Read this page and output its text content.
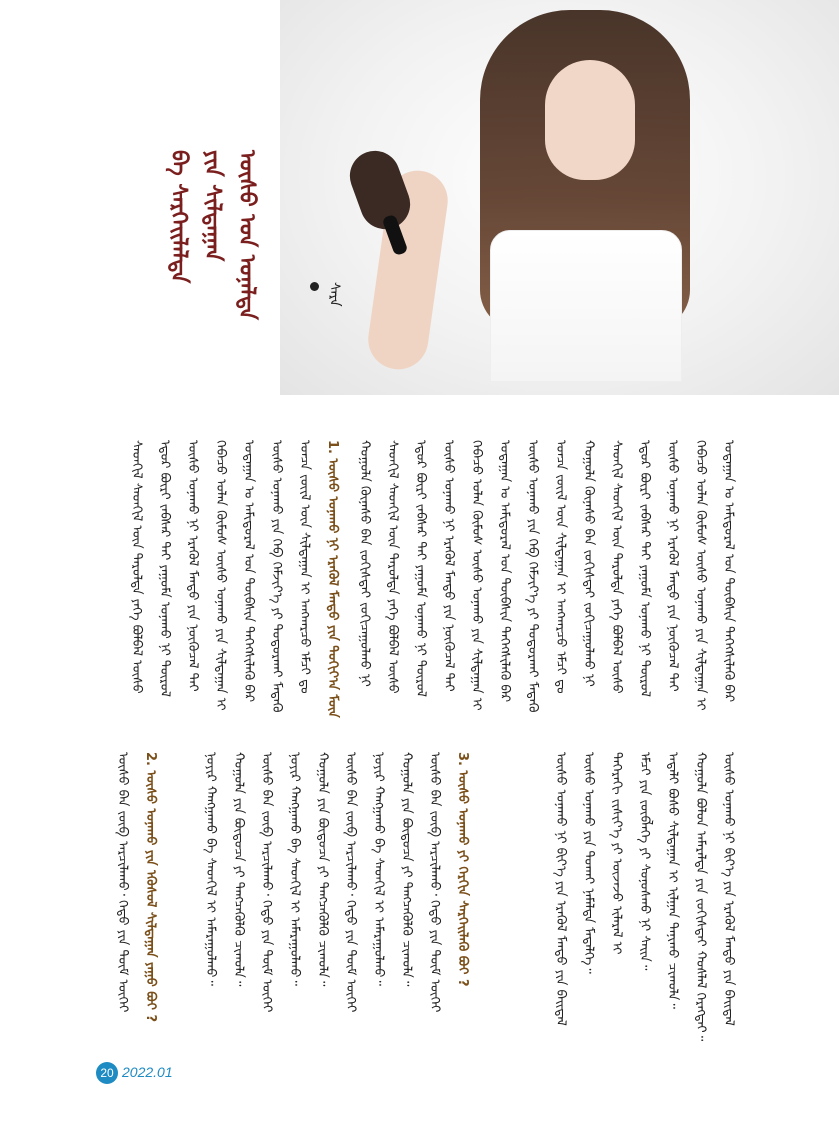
ᠦᠰᠦ ᠤᠨ ᠤᠨᠠᠯᠲᠠ
ᠶᠢᠨ ᠰᠢᠯᠲᠠᠭᠠᠨ
ᠪᠠ ᠰᠡᠷᠭᠡᠢᠯᠡᠯᠲᠡ
ᠰᠠᠷᠠ
ᠤᠳᠠᠭᠠᠨ ᠤ ᠠᠮᠢᠳᠤᠷᠠᠯ ᠤᠨ ᠲᠦᠪᠰᠢᠨ ᠳᠡᠭᠡᠭᠰᠢᠯᠡᠬᠦ ᠪᠡᠷ
ᠭᠡᠪᠡᠴᠦ ᠣᠯᠠᠨ ᠬᠦᠮᠦᠰ ᠦᠰᠦ ᠤᠨᠠᠬᠤ ᠶᠢᠨ ᠰᠢᠯᠲᠠᠭᠠᠨ ᠢ
ᠦᠰᠦ ᠤᠨᠠᠬᠤ ᠨᠢ ᠡᠷᠡᠭᠦᠯ ᠮᠡᠨᠳᠦ ᠶᠢᠨ ᠨᠥᠬᠦᠴᠡᠯ ᠲᠡᠢ
ᠡᠳᠦᠷ ᠪᠦᠷᠢ ᠵᠠᠪᠰᠠᠷ ᠲᠠᠢ ᠶᠠᠭᠤᠮᠠ ᠤᠨᠠᠬᠤ ᠨᠢ ᠲᠦᠷᠦᠯ
ᠰᠡᠳᠬᠢᠯ ᠰᠡᠳᠭᠢᠯ ᠦᠨ ᠳᠠᠷᠤᠯᠲᠠ ᠶᠡᠬᠡ ᠪᠣᠯᠪᠠᠯ ᠦᠰᠦ
ᠬᠣᠭᠣᠯᠠ ᠬᠦᠨᠡᠰᠦ ᠪᠡᠨ ᠵᠣᠬᠢᠰᠲᠠᠢ ᠵᠣᠬᠢᠴᠠᠭᠤᠯᠬᠤ ᠨᠢ
ᠣᠨᠴᠠ ᠵᠦᠢᠯ ᠦᠨ ᠰᠢᠯᠲᠠᠭᠠᠨ ᠢ ᠠᠩᠬᠠᠷᠴᠤ ᠡᠮᠴᠢ ᠳᠤ
ᠦᠰᠦ ᠤᠨᠠᠬᠤ ᠶᠢᠨ ᠬᠡᠪ ᠬᠡᠮᠵᠢᠶ᠎ᠡ ᠶᠢ ᠲᠣᠳᠣᠷᠬᠠᠶ ᠮᠡᠳᠡᠬᠦ
ᠤᠳᠠᠭᠠᠨ ᠤ ᠠᠮᠢᠳᠤᠷᠠᠯ ᠤᠨ ᠲᠦᠪᠰᠢᠨ ᠳᠡᠭᠡᠭᠰᠢᠯᠡᠬᠦ ᠪᠡᠷ
ᠭᠡᠪᠡᠴᠦ ᠣᠯᠠᠨ ᠬᠦᠮᠦᠰ ᠦᠰᠦ ᠤᠨᠠᠬᠤ ᠶᠢᠨ ᠰᠢᠯᠲᠠᠭᠠᠨ ᠢ
ᠦᠰᠦ ᠤᠨᠠᠬᠤ ᠨᠢ ᠡᠷᠡᠭᠦᠯ ᠮᠡᠨᠳᠦ ᠶᠢᠨ ᠨᠥᠬᠦᠴᠡᠯ ᠲᠡᠢ
ᠡᠳᠦᠷ ᠪᠦᠷᠢ ᠵᠠᠪᠰᠠᠷ ᠲᠠᠢ ᠶᠠᠭᠤᠮᠠ ᠤᠨᠠᠬᠤ ᠨᠢ ᠲᠦᠷᠦᠯ
ᠰᠡᠳᠬᠢᠯ ᠰᠡᠳᠭᠢᠯ ᠦᠨ ᠳᠠᠷᠤᠯᠲᠠ ᠶᠡᠬᠡ ᠪᠣᠯᠪᠠᠯ ᠦᠰᠦ
ᠬᠣᠭᠣᠯᠠ ᠬᠦᠨᠡᠰᠦ ᠪᠡᠨ ᠵᠣᠬᠢᠰᠲᠠᠢ ᠵᠣᠬᠢᠴᠠᠭᠤᠯᠬᠤ ᠨᠢ
1. ᠦᠰᠦ ᠤᠨᠠᠬᠤ ᠨᠢ ᠡᠷᠡᠭᠦᠯ ᠮᠡᠨᠳᠦ ᠶᠢᠨ ᠳᠣᠬᠢᠶ᠎ᠠ ᠮᠥᠨ
ᠣᠨᠴᠠ ᠵᠦᠢᠯ ᠦᠨ ᠰᠢᠯᠲᠠᠭᠠᠨ ᠢ ᠠᠩᠬᠠᠷᠴᠤ ᠡᠮᠴᠢ ᠳᠤ
ᠦᠰᠦ ᠤᠨᠠᠬᠤ ᠶᠢᠨ ᠬᠡᠪ ᠬᠡᠮᠵᠢᠶ᠎ᠡ ᠶᠢ ᠲᠣᠳᠣᠷᠬᠠᠶ ᠮᠡᠳᠡᠬᠦ
ᠤᠳᠠᠭᠠᠨ ᠤ ᠠᠮᠢᠳᠤᠷᠠᠯ ᠤᠨ ᠲᠦᠪᠰᠢᠨ ᠳᠡᠭᠡᠭᠰᠢᠯᠡᠬᠦ ᠪᠡᠷ
ᠭᠡᠪᠡᠴᠦ ᠣᠯᠠᠨ ᠬᠦᠮᠦᠰ ᠦᠰᠦ ᠤᠨᠠᠬᠤ ᠶᠢᠨ ᠰᠢᠯᠲᠠᠭᠠᠨ ᠢ
ᠦᠰᠦ ᠤᠨᠠᠬᠤ ᠨᠢ ᠡᠷᠡᠭᠦᠯ ᠮᠡᠨᠳᠦ ᠶᠢᠨ ᠨᠥᠬᠦᠴᠡᠯ ᠲᠡᠢ
ᠡᠳᠦᠷ ᠪᠦᠷᠢ ᠵᠠᠪᠰᠠᠷ ᠲᠠᠢ ᠶᠠᠭᠤᠮᠠ ᠤᠨᠠᠬᠤ ᠨᠢ ᠲᠦᠷᠦᠯ
ᠰᠡᠳᠬᠢᠯ ᠰᠡᠳᠭᠢᠯ ᠦᠨ ᠳᠠᠷᠤᠯᠲᠠ ᠶᠡᠬᠡ ᠪᠣᠯᠪᠠᠯ ᠦᠰᠦ
ᠦᠰᠦ ᠤᠨᠠᠬᠤ ᠨᠢ ᠪᠢᠶ᠎ᠡ ᠶᠢᠨ ᠡᠷᠡᠭᠦᠯ ᠮᠡᠨᠳᠦ ᠶᠢᠨ ᠪᠠᠢᠳᠠᠯ
ᠬᠣᠭᠣᠯᠠ ᠪᠣᠯᠣᠨ ᠠᠮᠠᠷᠠᠯᠲᠠ ᠶᠢᠨ ᠵᠣᠬᠢᠰᠲᠠᠢ ᠬᠣᠰᠯᠠᠯ ᠬᠡᠷᠡᠭᠲᠡᠢ᠃
ᠠᠳᠠᠯᠢ ᠪᠤᠰᠤ ᠰᠢᠯᠲᠠᠭᠠᠨ ᠢ ᠢᠯᠭᠠᠨ ᠲᠠᠨᠢᠬᠤ ᠴᠢᠬᠤᠯᠠ᠃
ᠡᠮᠴᠢ ᠶᠢᠨ ᠵᠥᠪᠯᠡᠭᠡ ᠶᠢ ᠰᠣᠨᠣᠰᠬᠤ ᠨᠢ ᠰᠠᠢᠨ᠃
ᠳᠡᠭᠡᠷᠡᠬᠢ ᠵᠢᠱᠢᠶ᠎ᠡ ᠶᠢ ᠦᠵᠡᠵᠦ ᠢᠯᠡᠷᠡᠯ ᠢ
ᠦᠰᠦ ᠤᠨᠠᠬᠤ ᠶᠢᠨ ᠲᠤᠬᠠᠢ ᠨᠡᠮᠡᠯᠲᠡ ᠮᠡᠳᠡᠯᠭᠡ᠃
ᠦᠰᠦ ᠤᠨᠠᠬᠤ ᠨᠢ ᠪᠢᠶ᠎ᠡ ᠶᠢᠨ ᠡᠷᠡᠭᠦᠯ ᠮᠡᠨᠳᠦ ᠶᠢᠨ ᠪᠠᠢᠳᠠᠯ
3. ᠦᠰᠦ ᠤᠨᠠᠬᠤ ᠶᠢ ᠬᠡᠷᠬᠢᠨ ᠰᠡᠷᠭᠡᠢᠯᠡᠬᠦ ᠪᠤᠢ ?
ᠦᠰᠦ ᠪᠡᠨ ᠵᠥᠪ ᠠᠷᠴᠢᠯᠠᠬᠤ᠂ ᠬᠡᠲᠦ ᠶᠢᠨ ᠳᠦᠮ ᠦᠭᠡᠢ
ᠬᠣᠭᠣᠯᠠ ᠶᠢᠨ ᠪᠦᠲᠦᠴᠡ ᠶᠢ ᠲᠡᠩᠴᠡᠭᠦᠯᠬᠦ ᠴᠢᠬᠤᠯᠠ᠃
ᠨᠣᠶᠢᠷ ᠬᠠᠩᠭᠠᠬᠤ ᠪᠠ ᠰᠡᠳᠬᠢᠯ ᠢ ᠠᠮᠠᠷᠠᠭᠤᠯᠬᠤ᠃
ᠦᠰᠦ ᠪᠡᠨ ᠵᠥᠪ ᠠᠷᠴᠢᠯᠠᠬᠤ᠂ ᠬᠡᠲᠦ ᠶᠢᠨ ᠳᠦᠮ ᠦᠭᠡᠢ
ᠬᠣᠭᠣᠯᠠ ᠶᠢᠨ ᠪᠦᠲᠦᠴᠡ ᠶᠢ ᠲᠡᠩᠴᠡᠭᠦᠯᠬᠦ ᠴᠢᠬᠤᠯᠠ᠃
ᠨᠣᠶᠢᠷ ᠬᠠᠩᠭᠠᠬᠤ ᠪᠠ ᠰᠡᠳᠬᠢᠯ ᠢ ᠠᠮᠠᠷᠠᠭᠤᠯᠬᠤ᠃
ᠦᠰᠦ ᠪᠡᠨ ᠵᠥᠪ ᠠᠷᠴᠢᠯᠠᠬᠤ᠂ ᠬᠡᠲᠦ ᠶᠢᠨ ᠳᠦᠮ ᠦᠭᠡᠢ
ᠬᠣᠭᠣᠯᠠ ᠶᠢᠨ ᠪᠦᠲᠦᠴᠡ ᠶᠢ ᠲᠡᠩᠴᠡᠭᠦᠯᠬᠦ ᠴᠢᠬᠤᠯᠠ᠃
ᠨᠣᠶᠢᠷ ᠬᠠᠩᠭᠠᠬᠤ ᠪᠠ ᠰᠡᠳᠬᠢᠯ ᠢ ᠠᠮᠠᠷᠠᠭᠤᠯᠬᠤ᠃
2. ᠦᠰᠦ ᠤᠨᠠᠬᠤ ᠶᠢᠨ ᠡᠭᠦᠰᠦᠯ ᠰᠢᠯᠲᠠᠭᠠᠨ ᠶᠠᠭᠤ ᠪᠤᠢ ?
ᠦᠰᠦ ᠪᠡᠨ ᠵᠥᠪ ᠠᠷᠴᠢᠯᠠᠬᠤ᠂ ᠬᠡᠲᠦ ᠶᠢᠨ ᠳᠦᠮ ᠦᠭᠡᠢ
20 2022.01
